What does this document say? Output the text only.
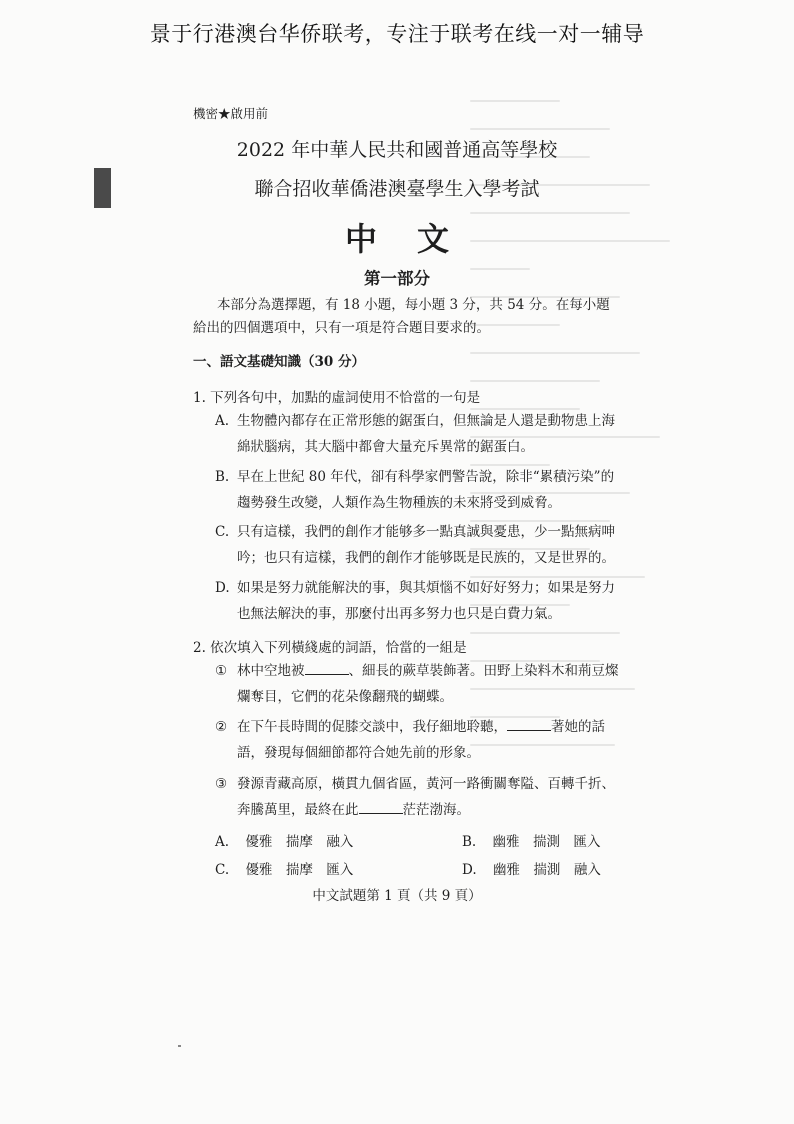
景于行港澳台华侨联考，专注于联考在线一对一辅导
機密★啟用前
2022 年中華人民共和國普通高等學校
聯合招收華僑港澳臺學生入學考試
中文
第一部分
本部分為選擇題，有 18 小題，每小題 3 分，共 54 分。在每小題給出的四個選項中，只有一項是符合題目要求的。
一、語文基礎知識（30 分）
1. 下列各句中，加點的虛詞使用不恰當的一句是
A. 生物體內都存在正常形態的鋸蛋白，但無論是人還是動物患上海綿狀腦病，其大腦中都會大量充斥異常的鋸蛋白。
B. 早在上世紀 80 年代，卻有科學家們警告說，除非“累積污染”的趨勢發生改變，人類作為生物種族的未來將受到威脅。
C. 只有這樣，我們的創作才能够多一點真誠與憂患，少一點無病呻吟；也只有這樣，我們的創作才能够既是民族的，又是世界的。
D. 如果是努力就能解決的事，與其煩惱不如好好努力；如果是努力也無法解決的事，那麼付出再多努力也只是白費力氣。
2. 依次填入下列橫綫處的詞語，恰當的一組是
① 林中空地被	、細長的蕨草裝飾著。田野上染料木和荊豆燦爛奪目，它們的花朵像翻飛的蝴蝶。
② 在下午長時間的促膝交談中，我仔細地聆聽，	著她的話語，發現每個細節都符合她先前的形象。
③ 發源青藏高原，橫貫九個省區，黃河一路衝關奪隘、百轉千折、奔騰萬里，最終在此	茫茫渤海。
A. 優雅　揣摩　融入	B. 幽雅　揣測　匯入
C. 優雅　揣摩　匯入	D. 幽雅　揣測　融入
中文試題第 1 頁（共 9 頁）
